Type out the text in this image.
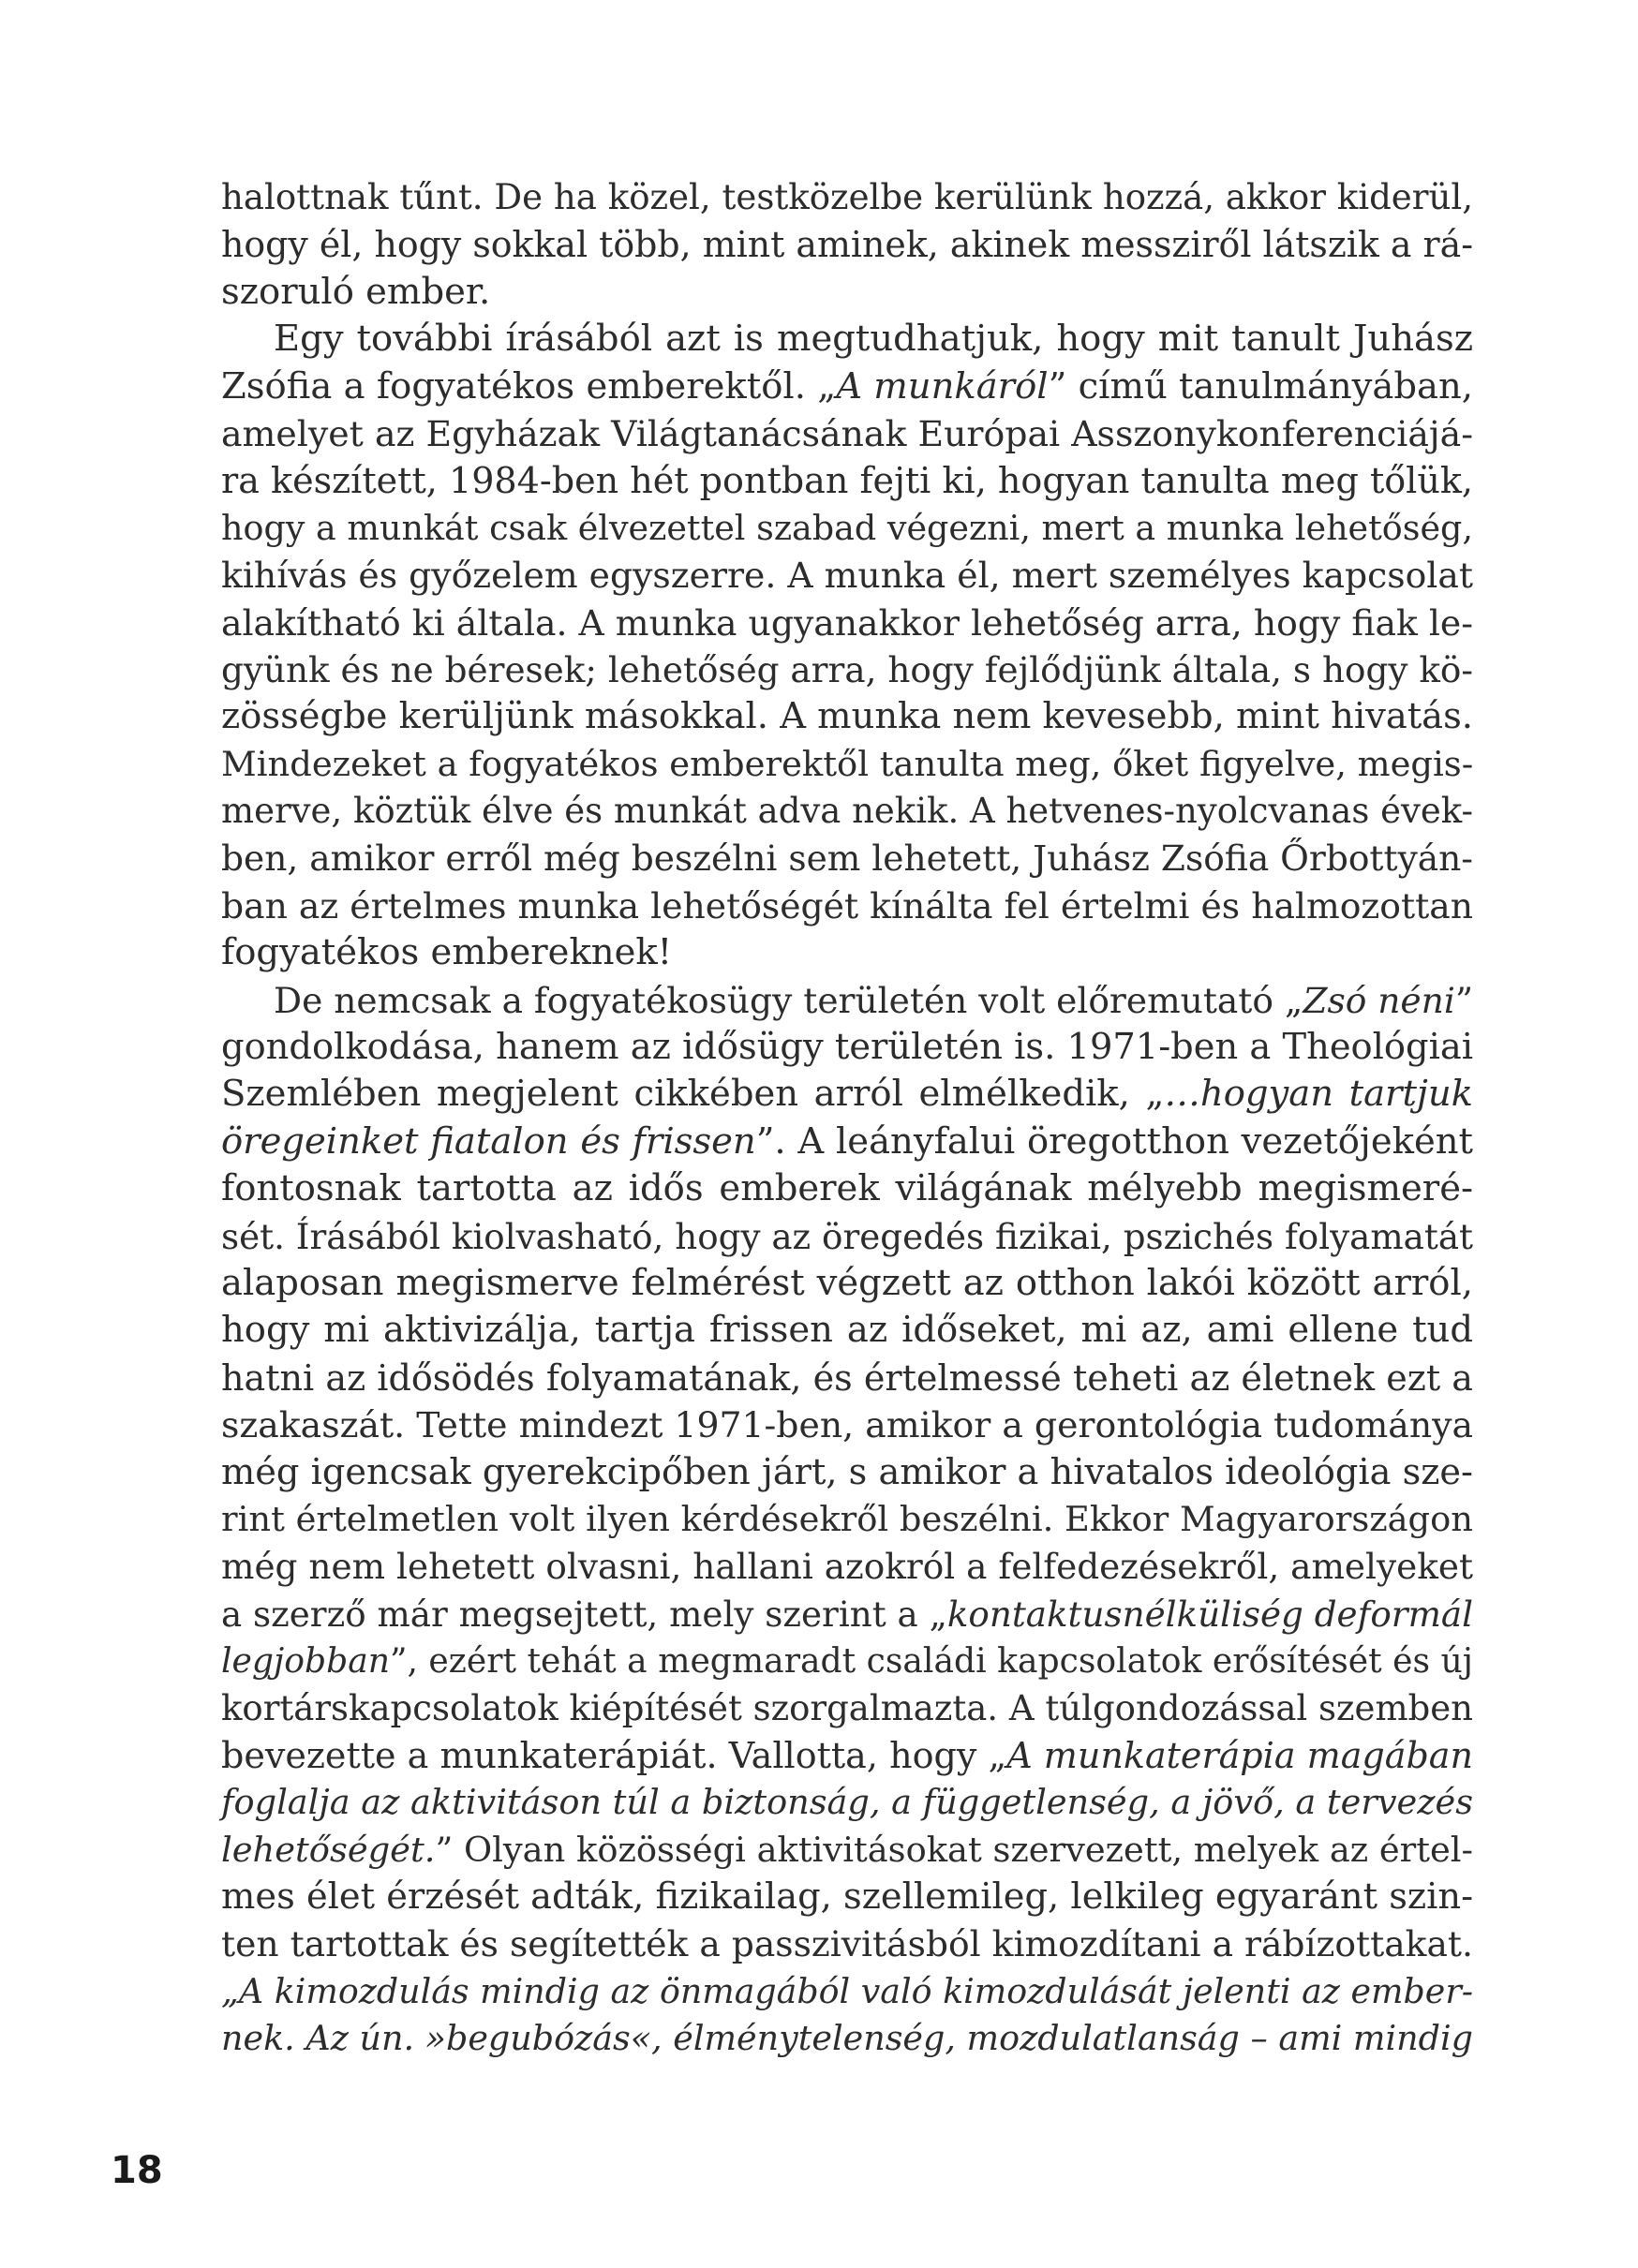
halottnak tűnt. De ha közel, testközelbe kerülünk hozzá, akkor kiderül,
hogy él, hogy sokkal több, mint aminek, akinek messziről látszik a rá-
szoruló ember.
Egy további írásából azt is megtudhatjuk, hogy mit tanult Juhász
Zsófia a fogyatékos emberektől. „A munkáról” című tanulmányában,
amelyet az Egyházak Világtanácsának Európai Asszonykonferenciájá-
ra készített, 1984-ben hét pontban fejti ki, hogyan tanulta meg tőlük,
hogy a munkát csak élvezettel szabad végezni, mert a munka lehetőség,
kihívás és győzelem egyszerre. A munka él, mert személyes kapcsolat
alakítható ki általa. A munka ugyanakkor lehetőség arra, hogy fiak le-
gyünk és ne béresek; lehetőség arra, hogy fejlődjünk általa, s hogy kö-
zösségbe kerüljünk másokkal. A munka nem kevesebb, mint hivatás.
Mindezeket a fogyatékos emberektől tanulta meg, őket figyelve, megis-
merve, köztük élve és munkát adva nekik. A hetvenes-nyolcvanas évek-
ben, amikor erről még beszélni sem lehetett, Juhász Zsófia Őrbottyán-
ban az értelmes munka lehetőségét kínálta fel értelmi és halmozottan
fogyatékos embereknek!
De nemcsak a fogyatékosügy területén volt előremutató „Zsó néni”
gondolkodása, hanem az idősügy területén is. 1971-ben a Theológiai
Szemlében megjelent cikkében arról elmélkedik, „…hogyan tartjuk
öregeinket fiatalon és frissen”. A leányfalui öregotthon vezetőjeként
fontosnak tartotta az idős emberek világának mélyebb megismeré-
sét. Írásából kiolvasható, hogy az öregedés fizikai, pszichés folyamatát
alaposan megismerve felmérést végzett az otthon lakói között arról,
hogy mi aktivizálja, tartja frissen az időseket, mi az, ami ellene tud
hatni az idősödés folyamatának, és értelmessé teheti az életnek ezt a
szakaszát. Tette mindezt 1971-ben, amikor a gerontológia tudománya
még igencsak gyerekcipőben járt, s amikor a hivatalos ideológia sze-
rint értelmetlen volt ilyen kérdésekről beszélni. Ekkor Magyarországon
még nem lehetett olvasni, hallani azokról a felfedezésekről, amelyeket
a szerző már megsejtett, mely szerint a „kontaktusnélküliség deformál
legjobban”, ezért tehát a megmaradt családi kapcsolatok erősítését és új
kortárskapcsolatok kiépítését szorgalmazta. A túlgondozással szemben
bevezette a munkaterápiát. Vallotta, hogy „A munkaterápia magában
foglalja az aktivitáson túl a biztonság, a függetlenség, a jövő, a tervezés
lehetőségét.” Olyan közösségi aktivitásokat szervezett, melyek az értel-
mes élet érzését adták, fizikailag, szellemileg, lelkileg egyaránt szin-
ten tartottak és segítették a passzivitásból kimozdítani a rábízottakat.
„A kimozdulás mindig az önmagából való kimozdulását jelenti az ember-
nek. Az ún. »begubózás«, élménytelenség, mozdulatlanság – ami mindig
18
